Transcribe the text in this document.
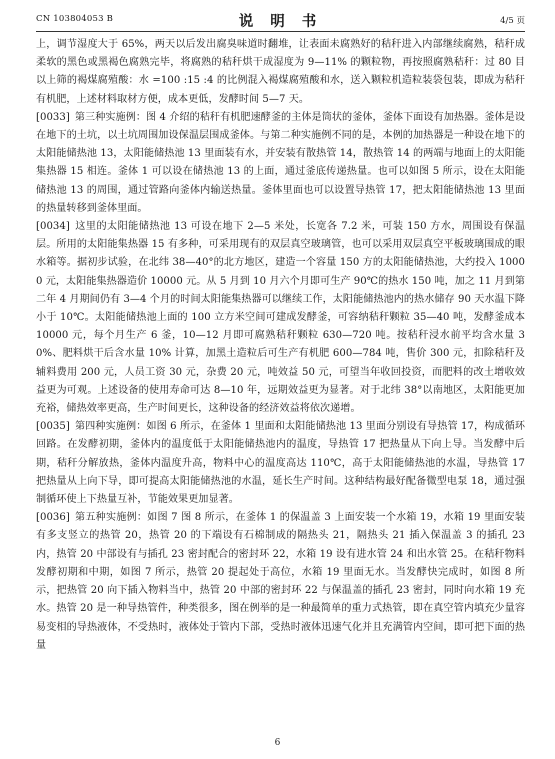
CN 103804053 B	说 明 书	4/5 页

上，调节湿度大于 65%，两天以后发出腐臭味道时翻堆，让表面未腐熟好的秸秆进入内部继续腐熟，秸秆成柔软的黑色或黑褐色腐熟完毕，将腐熟的秸秆烘干成湿度为 9—11% 的颗粒物，再按照腐熟秸秆：过 80 目以上筛的褐煤腐殖酸：水 =100 :15 :4 的比例混入褐煤腐殖酸和水，送入颗粒机造粒装袋包装，即成为秸秆有机肥，上述材料取材方便，成本更低，发酵时间 5—7 天。

[0033] 第三种实施例：图 4 介绍的秸秆有机肥速酵釜的主体是筒状的釜体，釜体下面设有加热器。釜体是设在地下的土坑，以土坑周围加设保温层围成釜体。与第二种实施例不同的是，本例的加热器是一种设在地下的太阳能储热池 13，太阳能储热池 13 里面装有水，并安装有散热管 14，散热管 14 的两端与地面上的太阳能集热器 15 相连。釜体 1 可以设在储热池 13 的上面，通过釜底传递热量。也可以如图 5 所示，设在太阳能储热池 13 的周围，通过管路向釜体内输送热量。釜体里面也可以设置导热管 17，把太阳能储热池 13 里面的热量转移到釜体里面。

[0034] 这里的太阳能储热池 13 可设在地下 2—5 米处，长宽各 7.2 米，可装 150 方水，周围设有保温层。所用的太阳能集热器 15 有多种，可采用现有的双层真空玻璃管，也可以采用双层真空平板玻璃围成的眼水箱等。据初步试验，在北纬 38—40°的北方地区，建造一个容量 150 方的太阳能储热池，大约投入 10000 元，太阳能集热器造价 10000 元。从 5 月到 10 月六个月即可生产 90℃的热水 150 吨，加之 11 月到第二年 4 月期间仍有 3—4 个月的时间太阳能集热器可以继续工作，太阳能储热池内的热水储存 90 天水温下降小于 10℃。太阳能储热池上面的 100 立方米空间可建成发酵釜，可容纳秸秆颗粒 35—40 吨，发酵釜成本 10000 元，每个月生产 6 釜，10—12 月即可腐熟秸秆颗粒 630—720 吨。按秸秆浸水前平均含水量 30%、肥料烘干后含水量 10% 计算，加黑土造粒后可生产有机肥 600—784 吨，售价 300 元，扣除秸秆及辅料费用 200 元，人员工资 30 元，杂费 20 元，吨效益 50 元，可望当年收回投资，而肥料的改土增收效益更为可观。上述设备的使用寿命可达 8—10 年，远期效益更为显著。对于北纬 38°以南地区，太阳能更加充裕，储热效率更高，生产时间更长，这种设备的经济效益将依次递增。

[0035] 第四种实施例：如图 6 所示，在釜体 1 里面和太阳能储热池 13 里面分别设有导热管 17，构成循环回路。在发酵初期，釜体内的温度低于太阳能储热池内的温度，导热管 17 把热量从下向上导。当发酵中后期，秸秆分解放热，釜体内温度升高，物料中心的温度高达 110℃，高于太阳能储热池的水温，导热管 17 把热量从上向下导，即可提高太阳能储热池的水温，延长生产时间。这种结构最好配备微型电泵 18，通过强制循环使上下热量互补，节能效果更加显著。

[0036] 第五种实施例：如图 7 图 8 所示，在釜体 1 的保温盖 3 上面安装一个水箱 19，水箱 19 里面安装有多支竖立的热管 20，热管 20 的下端设有石棉制成的隔热头 21，隔热头 21 插入保温盖 3 的插孔 23 内，热管 20 中部设有与插孔 23 密封配合的密封环 22，水箱 19 设有进水管 24 和出水管 25。在秸秆物料发酵初期和中期，如图 7 所示，热管 20 提起处于高位，水箱 19 里面无水。当发酵快完成时，如图 8 所示，把热管 20 向下插入物料当中，热管 20 中部的密封环 22 与保温盖的插孔 23 密封，同时向水箱 19 充水。热管 20 是一种导热管件，种类很多，图在例举的是一种最简单的重力式热管，即在真空管内填充少量容易变相的导热液体，不受热时，液体处于管内下部，受热时液体迅速气化并且充满管内空间，即可把下面的热量

6
